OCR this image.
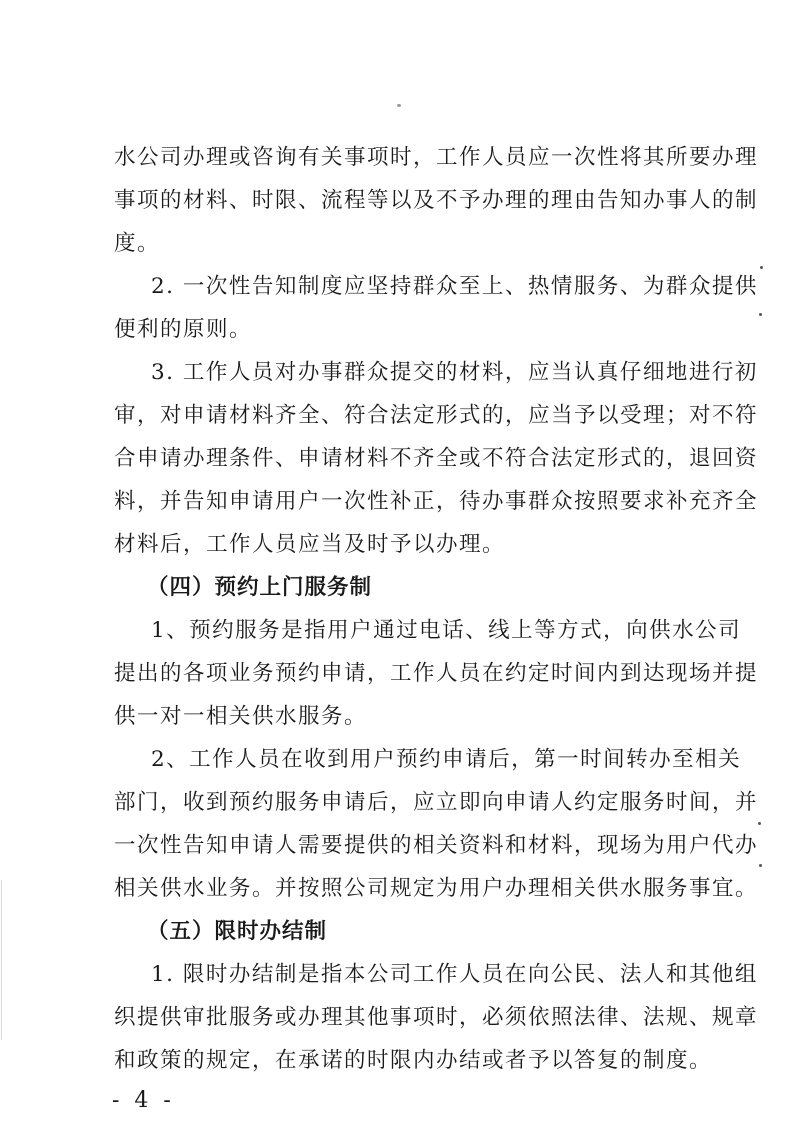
水公司办理或咨询有关事项时，工作人员应一次性将其所要办理
事项的材料、时限、流程等以及不予办理的理由告知办事人的制
度。
2. 一次性告知制度应坚持群众至上、热情服务、为群众提供
便利的原则。
3. 工作人员对办事群众提交的材料，应当认真仔细地进行初
审，对申请材料齐全、符合法定形式的，应当予以受理；对不符
合申请办理条件、申请材料不齐全或不符合法定形式的，退回资
料，并告知申请用户一次性补正，待办事群众按照要求补充齐全
材料后，工作人员应当及时予以办理。
（四）预约上门服务制
1、预约服务是指用户通过电话、线上等方式，向供水公司
提出的各项业务预约申请，工作人员在约定时间内到达现场并提
供一对一相关供水服务。
2、工作人员在收到用户预约申请后，第一时间转办至相关
部门，收到预约服务申请后，应立即向申请人约定服务时间，并
一次性告知申请人需要提供的相关资料和材料，现场为用户代办
相关供水业务。并按照公司规定为用户办理相关供水服务事宜。
（五）限时办结制
1. 限时办结制是指本公司工作人员在向公民、法人和其他组
织提供审批服务或办理其他事项时，必须依照法律、法规、规章
和政策的规定，在承诺的时限内办结或者予以答复的制度。
- 4 -
